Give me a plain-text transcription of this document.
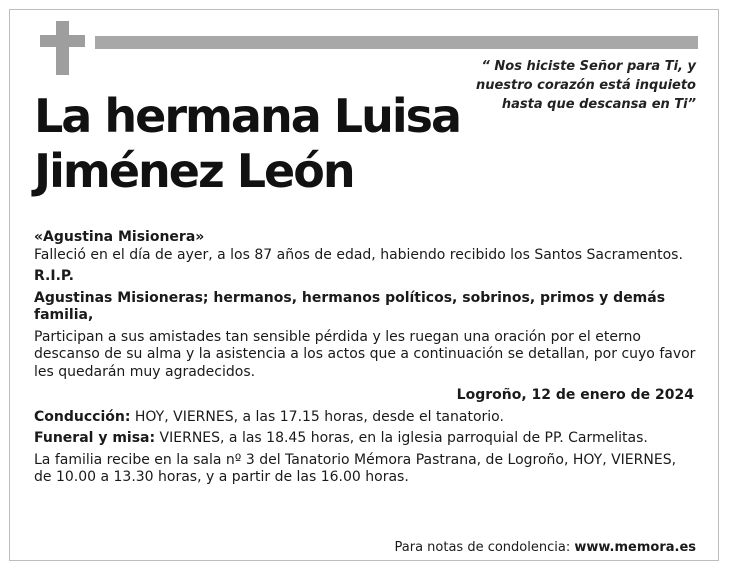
“ Nos hiciste Señor para Ti, y
nuestro corazón está inquieto
hasta que descansa en Ti”
La hermana Luisa
Jiménez León

«Agustina Misionera»

Falleció en el día de ayer, a los 87 años de edad, habiendo recibido los Santos Sacramentos.

R.I.P.

Agustinas Misioneras; hermanos, hermanos políticos, sobrinos, primos y demás familia,

Participan a sus amistades tan sensible pérdida y les ruegan una oración por el eterno descanso de su alma y la asistencia a los actos que a continuación se detallan, por cuyo favor les quedarán muy agradecidos.

Logroño, 12 de enero de 2024

Conducción: HOY, VIERNES, a las 17.15 horas, desde el tanatorio.

Funeral y misa: VIERNES, a las 18.45 horas, en la iglesia parroquial de PP. Carmelitas.

La familia recibe en la sala nº 3 del Tanatorio Mémora Pastrana, de Logroño, HOY, VIERNES, de 10.00 a 13.30 horas, y a partir de las 16.00 horas.

Para notas de condolencia: www.memora.es
